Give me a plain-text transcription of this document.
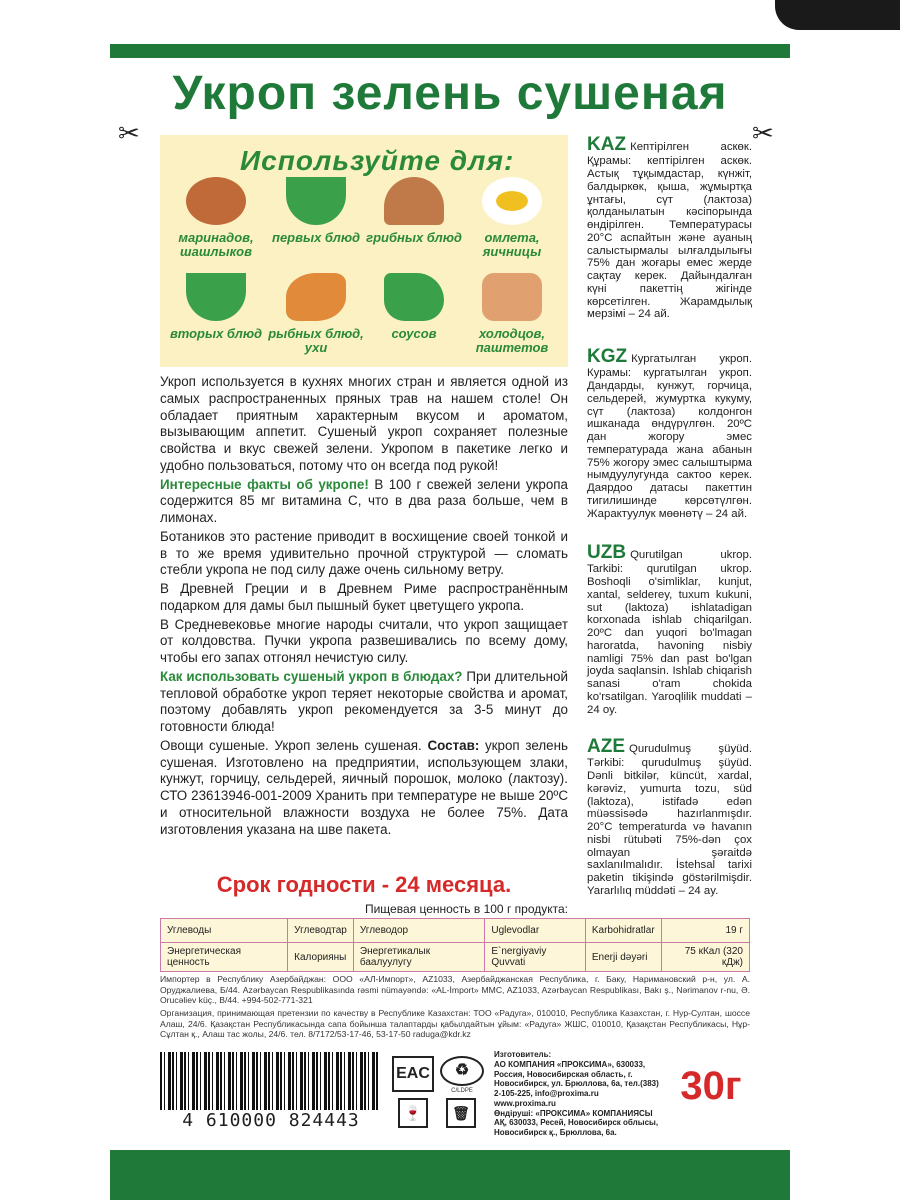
✂	✂
Укроп зелень сушеная
Используйте для:
маринадов, шашлыков
первых блюд грибных блюд	омлета, яичницы
вторых блюд рыбных блюд, ухи
соусов	холодцов, паштетов

Укроп используется в кухнях многих стран и является одной из самых распространенных пряных трав на нашем столе! Он обладает приятным характерным вкусом и ароматом, вызывающим аппетит. Сушеный укроп сохраняет полезные свойства и вкус свежей зелени. Укропом в пакетике легко и удобно пользоваться, потому что он всегда под рукой!

Интересные факты об укропе! В 100 г свежей зелени укропа содержится 85 мг витамина С, что в два раза больше, чем в лимонах.

Ботаников это растение приводит в восхищение своей тонкой и в то же время удивительно прочной структурой — сломать стебли укропа не под силу даже очень сильному ветру.

В Древней Греции и в Древнем Риме распространённым подарком для дамы был пышный букет цветущего укропа.

В Средневековье многие народы считали, что укроп защищает от колдовства. Пучки укропа развешивались по всему дому, чтобы его запах отгонял нечистую силу.

Как использовать сушеный укроп в блюдах? При длительной тепловой обработке укроп теряет некоторые свойства и аромат, поэтому добавлять укроп рекомендуется за 3-5 минут до готовности блюда!

Овощи сушеные. Укроп зелень сушеная. Состав: укроп зелень сушеная. Изготовлено на предприятии, использующем злаки, кунжут, горчицу, сельдерей, яичный порошок, молоко (лактозу). СТО 23613946-001-2009 Хранить при температуре не выше 20ºС и относительной влажности воздуха не более 75%. Дата изготовления указана на шве пакета.

Срок годности - 24 месяца.
Пищевая ценность в 100 г продукта:
Углеводы	Углеводтар	Углеводор	Uglevodlar	Karbohidratlar	19 г
Энергетическая ценность	Калорияны	Энергетикалык баалуулугу	E`nergiyaviy Quvvati	Enerji dəyəri	75 кКал (320 кДж)
Импортер в Республику Азербайджан: ООО «АЛ-Импорт», AZ1033, Азербайджанская Республика, г. Баку, Наримановский р-н, ул. А. Оруджалиева, Б/44. Azərbaycan Respublikasında rəsmi nümayəndə: «AL-İmport» MMC, AZ1033, Azərbaycan Respublikası, Bakı ş., Nərimanov r-nu, Ə. Orucəliev küç., B/44. +994-502-771-321
Организация, принимающая претензии по качеству в Республике Казахстан: ТОО «Радуга», 010010, Республика Казахстан, г. Нур-Султан, шоссе Алаш, 24/6. Қазақстан Республикасында сапа бойынша талаптарды қабылдайтын ұйым: «Радуга» ЖШС, 010010, Қазақстан Республикасы, Нұр-Сұлтан қ., Алаш тас жолы, 24/6. тел. 8/7172/53-17-46, 53-17-50 raduga@kdr.kz
4 610000 824443
EAC	♻
C/LDPE
🍷	🗑
Изготовитель:
АО КОМПАНИЯ «ПРОКСИМА», 630033, Россия, Новосибирская область, г. Новосибирск, ул. Брюллова, 6а, тел.(383) 2-105-225, info@proxima.ru
www.proxima.ru
Өндіруші: «ПРОКСИМА» КОМПАНИЯСЫ АҚ, 630033, Ресей, Новосибирск облысы, Новосибирск қ., Брюллова, 6а.
30г
KAZ Кептірілген аскөк. Құрамы: кептірілген аскөк. Астық тұқымдастар, күнжіт, балдыркөк, қыша, жұмыртқа ұнтағы, сүт (лактоза) қолданылатын кәсіпорында өндірілген. Температурасы 20°С аспайтын және ауаның салыстырмалы ылғалдылығы 75% дан жоғары емес жерде сақтау керек. Дайындалған күні пакеттің жігінде көрсетілген. Жарамдылық мерзімі – 24 ай.
KGZ Кургатылган укроп. Курамы: кургатылган укроп. Дандарды, кунжут, горчица, сельдерей, жумуртка кукуму, сүт (лактоза) колдонгон ишканада өндүрүлгөн. 20ºС дан жогору эмес температурада жана абанын 75% жогору эмес салыштырма нымдуулугунда сактоо керек. Даярдоо датасы пакеттин тигилишинде көрсөтүлгөн. Жарактуулук мөөнөтү – 24 ай.
UZB Qurutilgan ukrop. Tarkibi: qurutilgan ukrop. Boshoqli o'simliklar, kunjut, xantal, selderey, tuxum kukuni, sut (laktoza) ishlatadigan korxonada ishlab chiqarilgan. 20ºC dan yuqori bo'lmagan haroratda, havoning nisbiy namligi 75% dan past bo'lgan joyda saqlansin. Ishlab chiqarish sanasi o'ram chokida ko'rsatilgan. Yaroqlilik muddati – 24 oy.
AZE Qurudulmuş şüyüd. Tərkibi: qurudulmuş şüyüd. Dənli bitkilər, küncüt, xardal, kərəviz, yumurta tozu, süd (laktoza), istifadə edən müəssisədə hazırlanmışdır. 20°C temperaturda və havanın nisbi rütubəti 75%-dən çox olmayan şəraitdə saxlanılmalıdır. İstehsal tarixi paketin tikişində göstərilmişdir. Yararlılıq müddəti – 24 ay.
